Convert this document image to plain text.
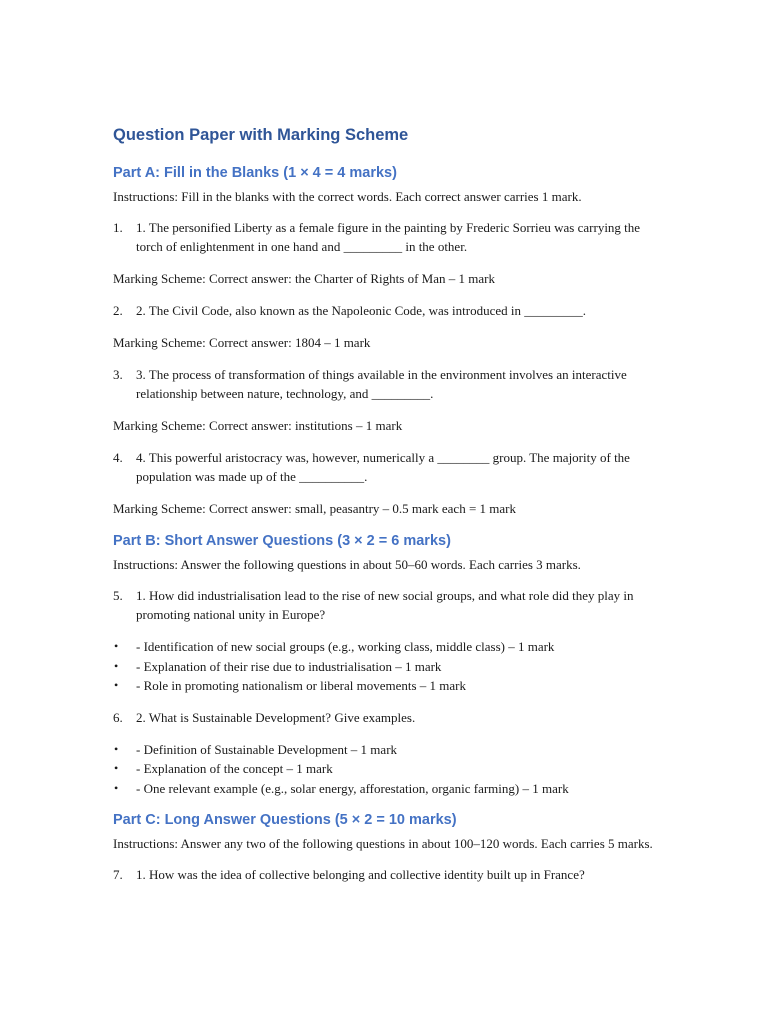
Question Paper with Marking Scheme
Part A: Fill in the Blanks (1 × 4 = 4 marks)

Instructions: Fill in the blanks with the correct words. Each correct answer carries 1 mark.

1. 1. The personified Liberty as a female figure in the painting by Frederic Sorrieu was carrying the torch of enlightenment in one hand and _________ in the other.

Marking Scheme: Correct answer: the Charter of Rights of Man – 1 mark

2. 2. The Civil Code, also known as the Napoleonic Code, was introduced in _________.

Marking Scheme: Correct answer: 1804 – 1 mark

3. 3. The process of transformation of things available in the environment involves an interactive relationship between nature, technology, and _________.

Marking Scheme: Correct answer: institutions – 1 mark

4. 4. This powerful aristocracy was, however, numerically a ________ group. The majority of the population was made up of the __________.

Marking Scheme: Correct answer: small, peasantry – 0.5 mark each = 1 mark

Part B: Short Answer Questions (3 × 2 = 6 marks)

Instructions: Answer the following questions in about 50–60 words. Each carries 3 marks.

5. 1. How did industrialisation lead to the rise of new social groups, and what role did they play in promoting national unity in Europe?
• - Identification of new social groups (e.g., working class, middle class) – 1 mark
• - Explanation of their rise due to industrialisation – 1 mark
• - Role in promoting nationalism or liberal movements – 1 mark
6. 2. What is Sustainable Development? Give examples.
• - Definition of Sustainable Development – 1 mark
• - Explanation of the concept – 1 mark
• - One relevant example (e.g., solar energy, afforestation, organic farming) – 1 mark
Part C: Long Answer Questions (5 × 2 = 10 marks)

Instructions: Answer any two of the following questions in about 100–120 words. Each carries 5 marks.

7. 1. How was the idea of collective belonging and collective identity built up in France?
